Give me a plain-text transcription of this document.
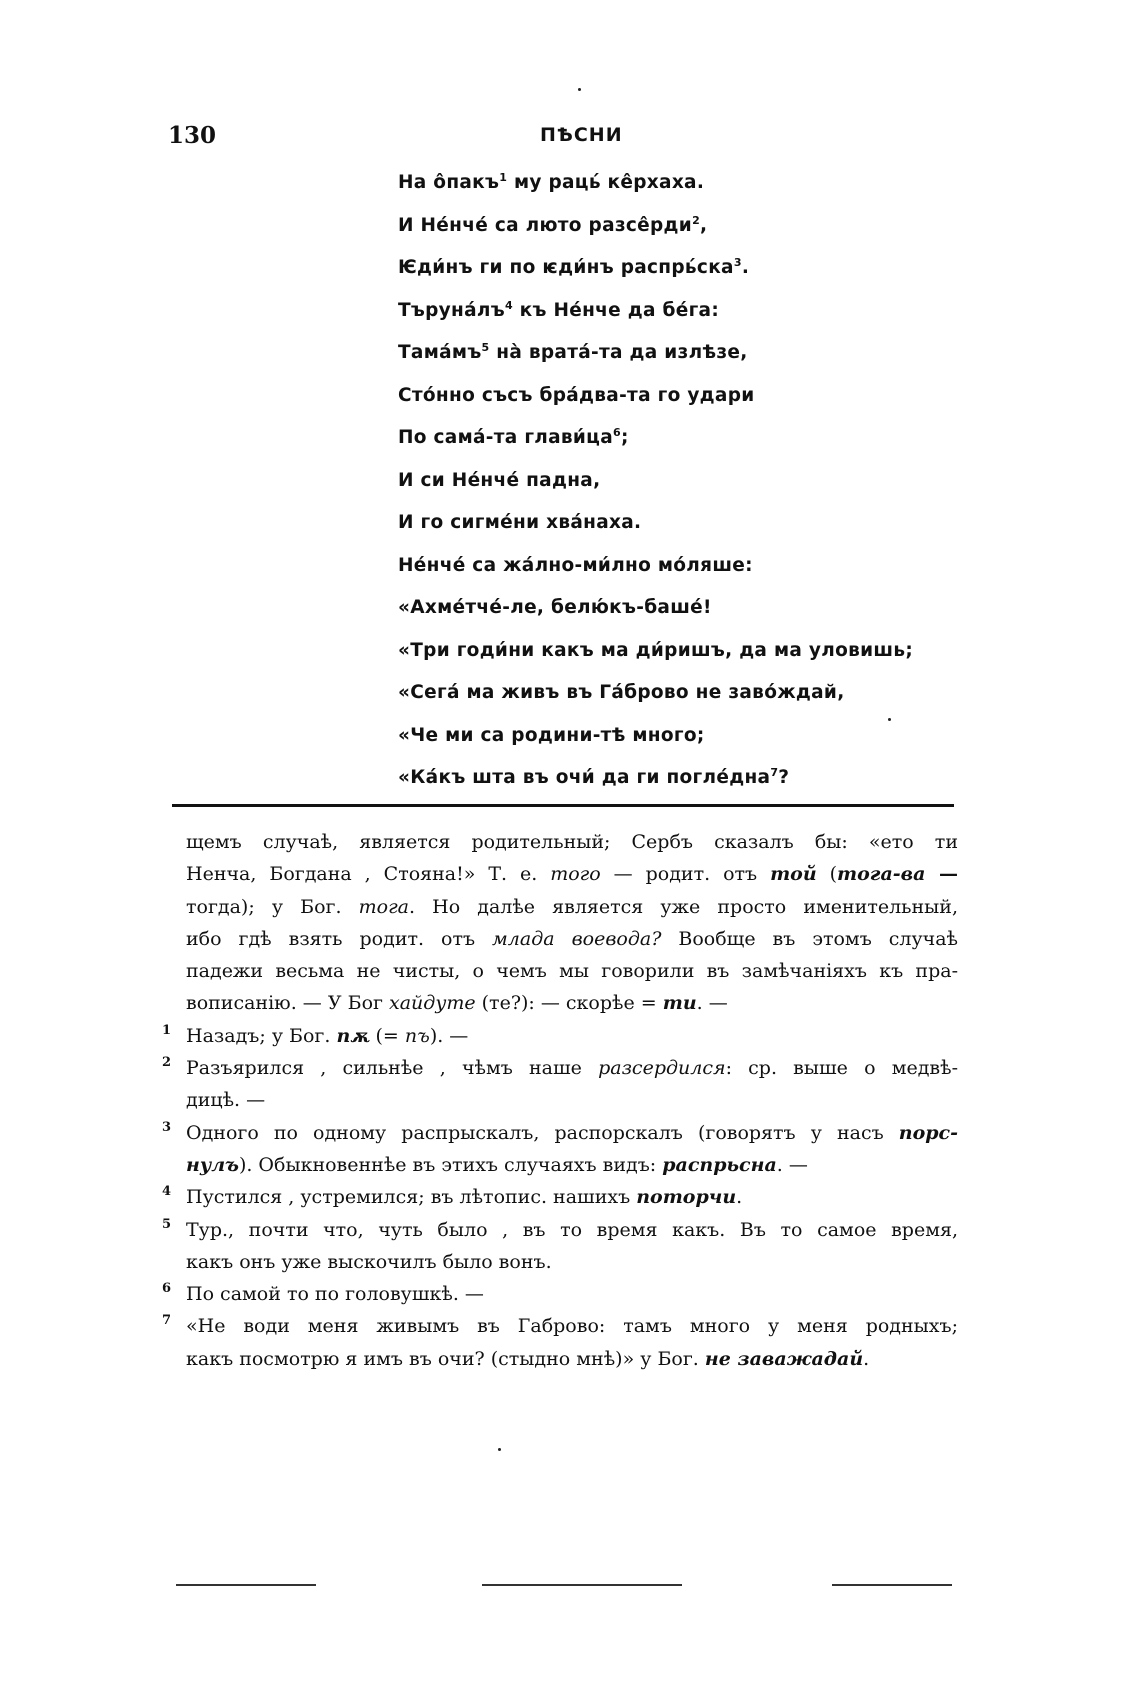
130	ПѢСНИ
На о̂пакъ$^1$ му раць́ ке̂рхаха.
И Не́нче́ са люто разсе̂рди$^2$,
Ѥди́нъ ги по ѥди́нъ распрь́ска$^3$.
Търуна́лъ$^4$ къ Не́нче да бе́га:
Тама́мъ$^5$ на̀ врата́-та да излѣзе,
Сто́нно съсъ бра́два-та го удари
По сама́-та глави́ца$^6$;
И си Не́нче́ падна,
И го сигме́ни хва́наха.
Не́нче́ са жа́лно-ми́лно мо́ляше:
«Ахме́тче́-ле, белю́къ-баше́!
«Три годи́ни какъ ма ди́ришъ, да ма уловишь;
«Сега́ ма живъ въ Га́брово не заво́ждай,
«Че ми са родини-тѣ много;
«Ка́къ шта въ очи́ да ги погле́дна$^7$?

щемъ случаѣ, является родительный; Сербъ сказалъ бы: «ето ти
Ненча, Богдана , Стояна!» Т. е. того — родит. отъ той (тога-ва —
тогда); у Бог. тога. Но далѣе является уже просто именительный,
ибо гдѣ взять родит. отъ млада воевода? Вообще въ этомъ случаѣ
падежи весьма не чисты, о чемъ мы говорили въ замѣчаніяхъ къ пра-
вописанію. — У Бог хайдуте (те?): — скорѣе = ти. —

1 Назадъ; у Бог. пѫ (= пъ). —
2 Разъярился , сильнѣе , чѣмъ наше разсердился: ср. выше о медвѣ-
дицѣ. —
3 Одного по одному распрыскалъ, распорскалъ (говорятъ у насъ порс-
нулъ). Обыкновеннѣе въ этихъ случаяхъ видъ: распрьсна. —
4 Пустился , устремился; въ лѣтопис. нашихъ поторчи.
5 Тур., почти что, чуть было , въ то время какъ. Въ то самое время,
какъ онъ уже выскочилъ было вонъ.
6 По самой то по головушкѣ. —
7 «Не води меня живымъ въ Габрово: тамъ много у меня родныхъ;
какъ посмотрю я имъ въ очи? (стыдно мнѣ)» у Бог. не заважадай.
